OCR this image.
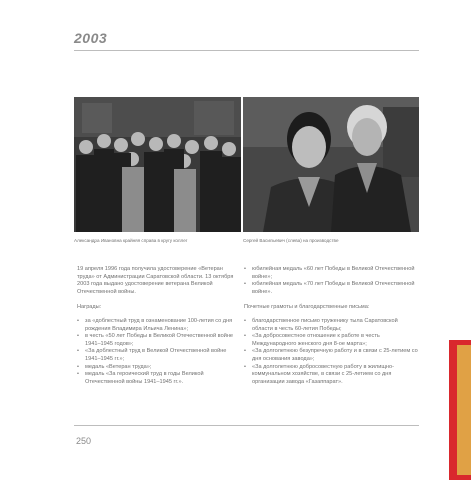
2003
Александра Ивановна крайняя справа в кругу коллег	Сергей Васильевич (слева) на производстве

19 апреля 1996 года получила удостоверение «Ветеран труда» от Администрации Саратовской области. 13 октября 2003 года выдано удостоверение ветерана Великой Отечественной войны.

Награды:

• за «доблестный труд в ознаменование 100-летия со дня рождения Владимира Ильича Ленина»;
• в честь «50 лет Победы в Великой Отечественной войне 1941–1945 годов»;
• «За доблестный труд в Великой Отечественной войне 1941–1945 гг.»;
• медаль «Ветеран труда»;
• медаль «За героический труд в годы Великой Отечественной войны 1941–1945 гг.».
• юбилейная медаль «60 лет Победы в Великой Отечественной войне»;
• юбилейная медаль «70 лет Победы в Великой Отечественной войне».

Почетные грамоты и благодарственные письма:

• благодарственное письмо труженику тыла Саратовской области в честь 60-летия Победы;
• «За добросовестное отношение к работе в честь Международного женского дня 8-ое марта»;
• «За долголетнюю безупречную работу и в связи с 25-летием со дня основания завода»;
• «За долголетнюю добросовестную работу в жилищно-коммунальном хозяйстве, в связи с 25-летием со дня организации завода «Газаппарат».
250
